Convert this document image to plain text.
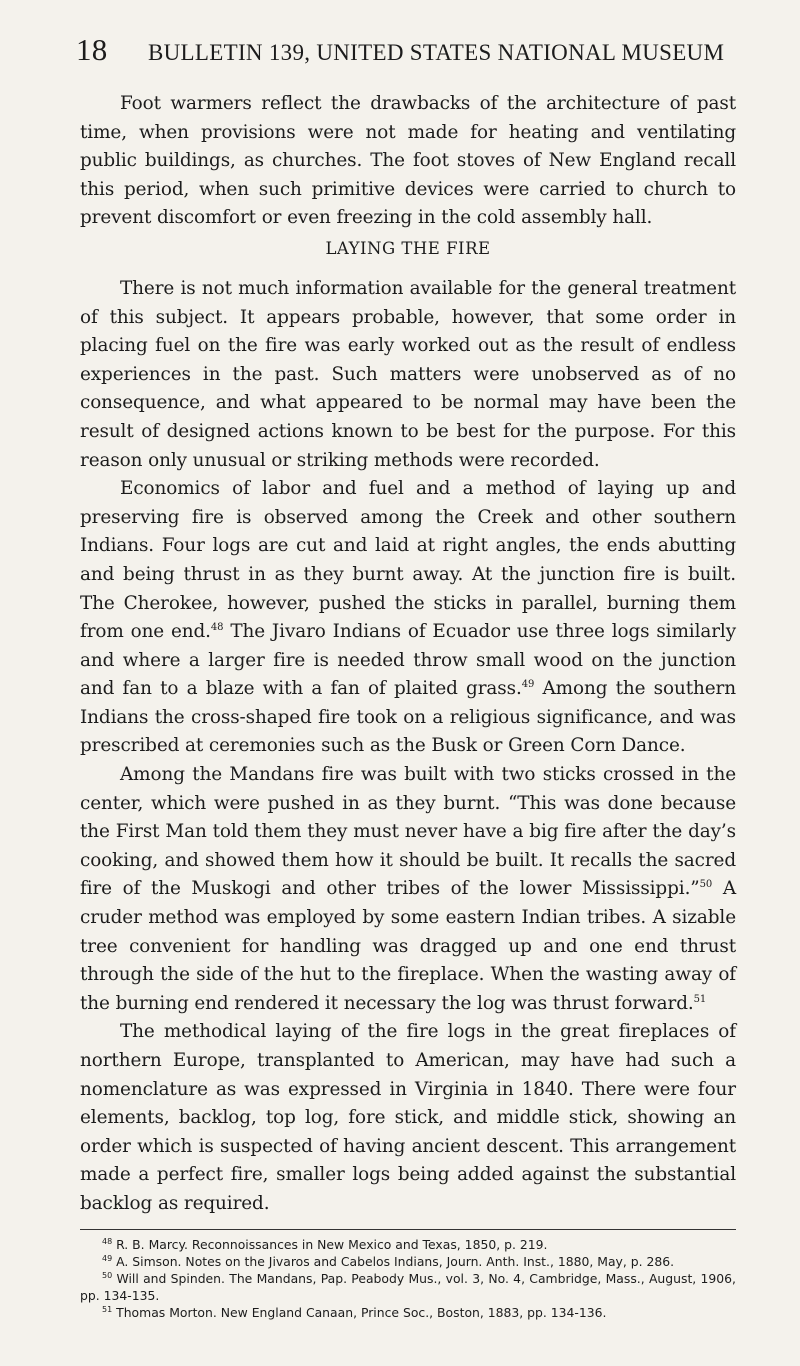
18	BULLETIN 139, UNITED STATES NATIONAL MUSEUM

Foot warmers reflect the drawbacks of the architecture of past time, when provisions were not made for heating and ventilating public buildings, as churches. The foot stoves of New England recall this period, when such primitive devices were carried to church to prevent discomfort or even freezing in the cold assembly hall.

LAYING THE FIRE

There is not much information available for the general treatment of this subject. It appears probable, however, that some order in placing fuel on the fire was early worked out as the result of endless experiences in the past. Such matters were unobserved as of no consequence, and what appeared to be normal may have been the result of designed actions known to be best for the purpose. For this reason only unusual or striking methods were recorded.

Economics of labor and fuel and a method of laying up and preserving fire is observed among the Creek and other southern Indians. Four logs are cut and laid at right angles, the ends abutting and being thrust in as they burnt away. At the junction fire is built. The Cherokee, however, pushed the sticks in parallel, burning them from one end.$^{48}$ The Jivaro Indians of Ecuador use three logs similarly and where a larger fire is needed throw small wood on the junction and fan to a blaze with a fan of plaited grass.$^{49}$ Among the southern Indians the cross-shaped fire took on a religious significance, and was prescribed at ceremonies such as the Busk or Green Corn Dance.

Among the Mandans fire was built with two sticks crossed in the center, which were pushed in as they burnt. “This was done because the First Man told them they must never have a big fire after the day’s cooking, and showed them how it should be built. It recalls the sacred fire of the Muskogi and other tribes of the lower Mississippi.”$^{50}$ A cruder method was employed by some eastern Indian tribes. A sizable tree convenient for handling was dragged up and one end thrust through the side of the hut to the fireplace. When the wasting away of the burning end rendered it necessary the log was thrust forward.$^{51}$

The methodical laying of the fire logs in the great fireplaces of northern Europe, transplanted to American, may have had such a nomenclature as was expressed in Virginia in 1840. There were four elements, backlog, top log, fore stick, and middle stick, showing an order which is suspected of having ancient descent. This arrangement made a perfect fire, smaller logs being added against the substantial backlog as required.

$^{48}$ R. B. Marcy. Reconnoissances in New Mexico and Texas, 1850, p. 219.

$^{49}$ A. Simson. Notes on the Jivaros and Cabelos Indians, Journ. Anth. Inst., 1880, May, p. 286.

$^{50}$ Will and Spinden. The Mandans, Pap. Peabody Mus., vol. 3, No. 4, Cambridge, Mass., August, 1906, pp. 134-135.

$^{51}$ Thomas Morton. New England Canaan, Prince Soc., Boston, 1883, pp. 134-136.
